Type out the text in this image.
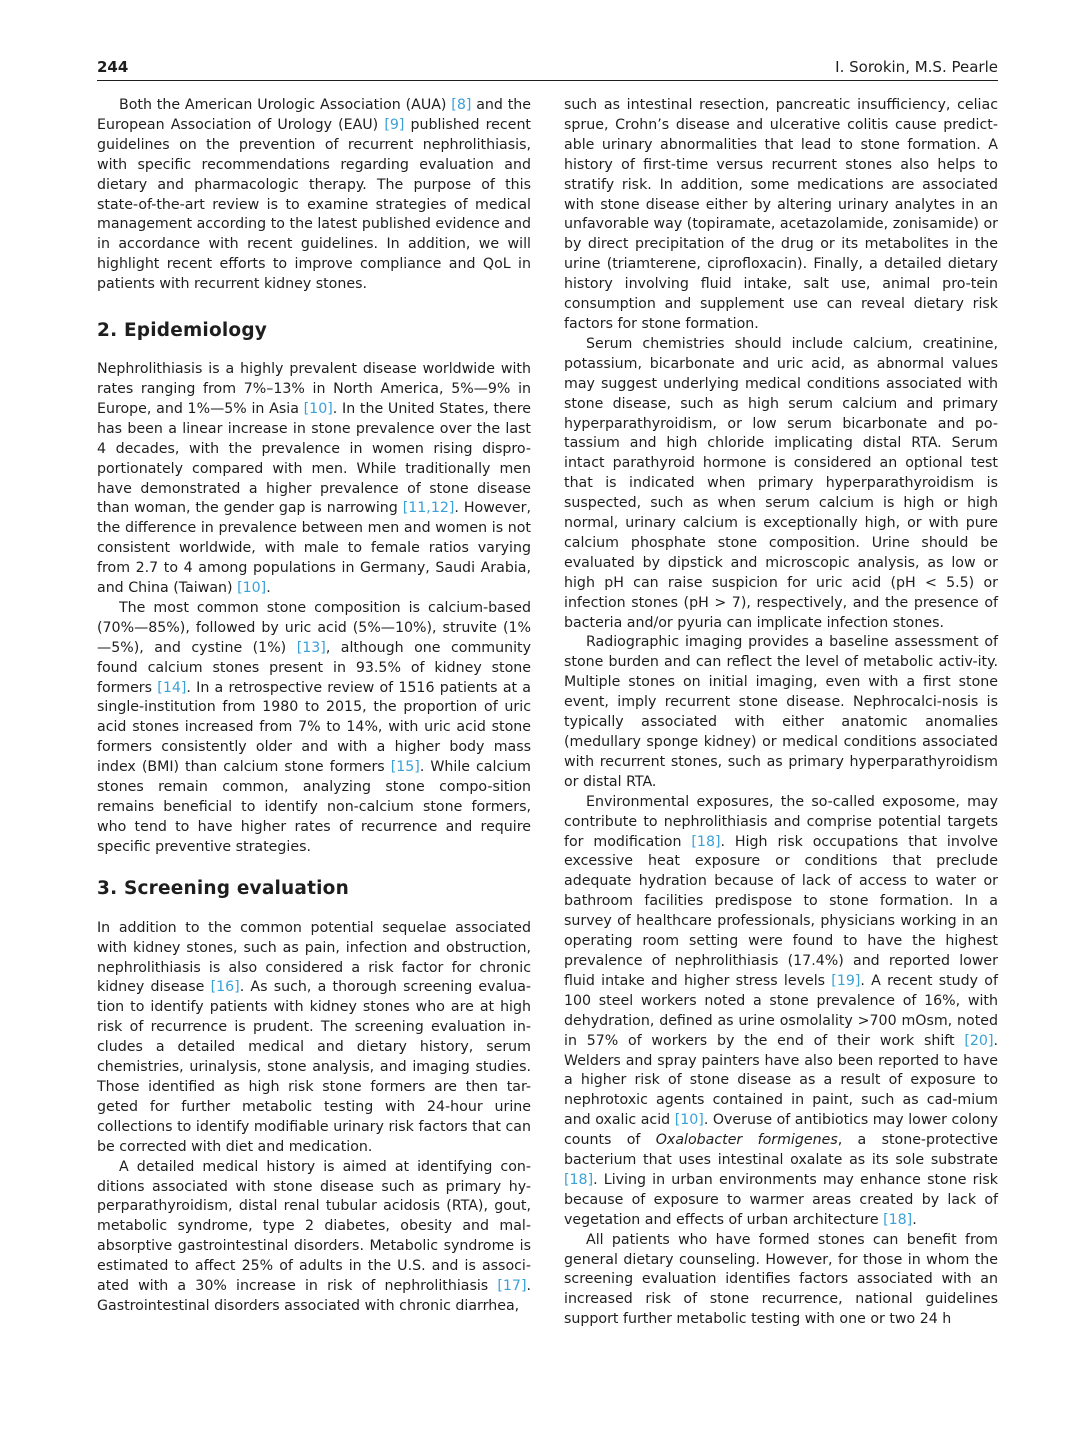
244	I. Sorokin, M.S. Pearle

Both the American Urologic Association (AUA) [8] and the European Association of Urology (EAU) [9] published recent guidelines on the prevention of recurrent nephrolithiasis, with specific recommendations regarding evaluation and dietary and pharmacologic therapy. The purpose of this state-of-the-art review is to examine strategies of medical management according to the latest published evidence and in accordance with recent guidelines. In addition, we will highlight recent efforts to improve compliance and QoL in patients with recurrent kidney stones.

2. Epidemiology

Nephrolithiasis is a highly prevalent disease worldwide with rates ranging from 7%–13% in North America, 5%—9% in Europe, and 1%—5% in Asia [10]. In the United States, there has been a linear increase in stone prevalence over the last 4 decades, with the prevalence in women rising dispro-portionately compared with men. While traditionally men have demonstrated a higher prevalence of stone disease than woman, the gender gap is narrowing [11,12]. However, the difference in prevalence between men and women is not consistent worldwide, with male to female ratios varying from 2.7 to 4 among populations in Germany, Saudi Arabia, and China (Taiwan) [10].

The most common stone composition is calcium-based (70%—85%), followed by uric acid (5%—10%), struvite (1%—5%), and cystine (1%) [13], although one community found calcium stones present in 93.5% of kidney stone formers [14]. In a retrospective review of 1516 patients at a single-institution from 1980 to 2015, the proportion of uric acid stones increased from 7% to 14%, with uric acid stone formers consistently older and with a higher body mass index (BMI) than calcium stone formers [15]. While calcium stones remain common, analyzing stone compo-sition remains beneficial to identify non-calcium stone formers, who tend to have higher rates of recurrence and require specific preventive strategies.

3. Screening evaluation

In addition to the common potential sequelae associated with kidney stones, such as pain, infection and obstruction, nephrolithiasis is also considered a risk factor for chronic kidney disease [16]. As such, a thorough screening evalua-tion to identify patients with kidney stones who are at high risk of recurrence is prudent. The screening evaluation in-cludes a detailed medical and dietary history, serum chemistries, urinalysis, stone analysis, and imaging studies. Those identified as high risk stone formers are then tar-geted for further metabolic testing with 24-hour urine collections to identify modifiable urinary risk factors that can be corrected with diet and medication.

A detailed medical history is aimed at identifying con-ditions associated with stone disease such as primary hy-perparathyroidism, distal renal tubular acidosis (RTA), gout, metabolic syndrome, type 2 diabetes, obesity and mal-absorptive gastrointestinal disorders. Metabolic syndrome is estimated to affect 25% of adults in the U.S. and is associ-ated with a 30% increase in risk of nephrolithiasis [17]. Gastrointestinal disorders associated with chronic diarrhea,

such as intestinal resection, pancreatic insufficiency, celiac sprue, Crohn’s disease and ulcerative colitis cause predict-able urinary abnormalities that lead to stone formation. A history of first-time versus recurrent stones also helps to stratify risk. In addition, some medications are associated with stone disease either by altering urinary analytes in an unfavorable way (topiramate, acetazolamide, zonisamide) or by direct precipitation of the drug or its metabolites in the urine (triamterene, ciprofloxacin). Finally, a detailed dietary history involving fluid intake, salt use, animal pro-tein consumption and supplement use can reveal dietary risk factors for stone formation.

Serum chemistries should include calcium, creatinine, potassium, bicarbonate and uric acid, as abnormal values may suggest underlying medical conditions associated with stone disease, such as high serum calcium and primary hyperparathyroidism, or low serum bicarbonate and po-tassium and high chloride implicating distal RTA. Serum intact parathyroid hormone is considered an optional test that is indicated when primary hyperparathyroidism is suspected, such as when serum calcium is high or high normal, urinary calcium is exceptionally high, or with pure calcium phosphate stone composition. Urine should be evaluated by dipstick and microscopic analysis, as low or high pH can raise suspicion for uric acid (pH < 5.5) or infection stones (pH > 7), respectively, and the presence of bacteria and/or pyuria can implicate infection stones.

Radiographic imaging provides a baseline assessment of stone burden and can reflect the level of metabolic activ-ity. Multiple stones on initial imaging, even with a first stone event, imply recurrent stone disease. Nephrocalci-nosis is typically associated with either anatomic anomalies (medullary sponge kidney) or medical conditions associated with recurrent stones, such as primary hyperparathyroidism or distal RTA.

Environmental exposures, the so-called exposome, may contribute to nephrolithiasis and comprise potential targets for modification [18]. High risk occupations that involve excessive heat exposure or conditions that preclude adequate hydration because of lack of access to water or bathroom facilities predispose to stone formation. In a survey of healthcare professionals, physicians working in an operating room setting were found to have the highest prevalence of nephrolithiasis (17.4%) and reported lower fluid intake and higher stress levels [19]. A recent study of 100 steel workers noted a stone prevalence of 16%, with dehydration, defined as urine osmolality >700 mOsm, noted in 57% of workers by the end of their work shift [20]. Welders and spray painters have also been reported to have a higher risk of stone disease as a result of exposure to nephrotoxic agents contained in paint, such as cad-mium and oxalic acid [10]. Overuse of antibiotics may lower colony counts of Oxalobacter formigenes, a stone-protective bacterium that uses intestinal oxalate as its sole substrate [18]. Living in urban environments may enhance stone risk because of exposure to warmer areas created by lack of vegetation and effects of urban architecture [18].

All patients who have formed stones can benefit from general dietary counseling. However, for those in whom the screening evaluation identifies factors associated with an increased risk of stone recurrence, national guidelines support further metabolic testing with one or two 24 h
